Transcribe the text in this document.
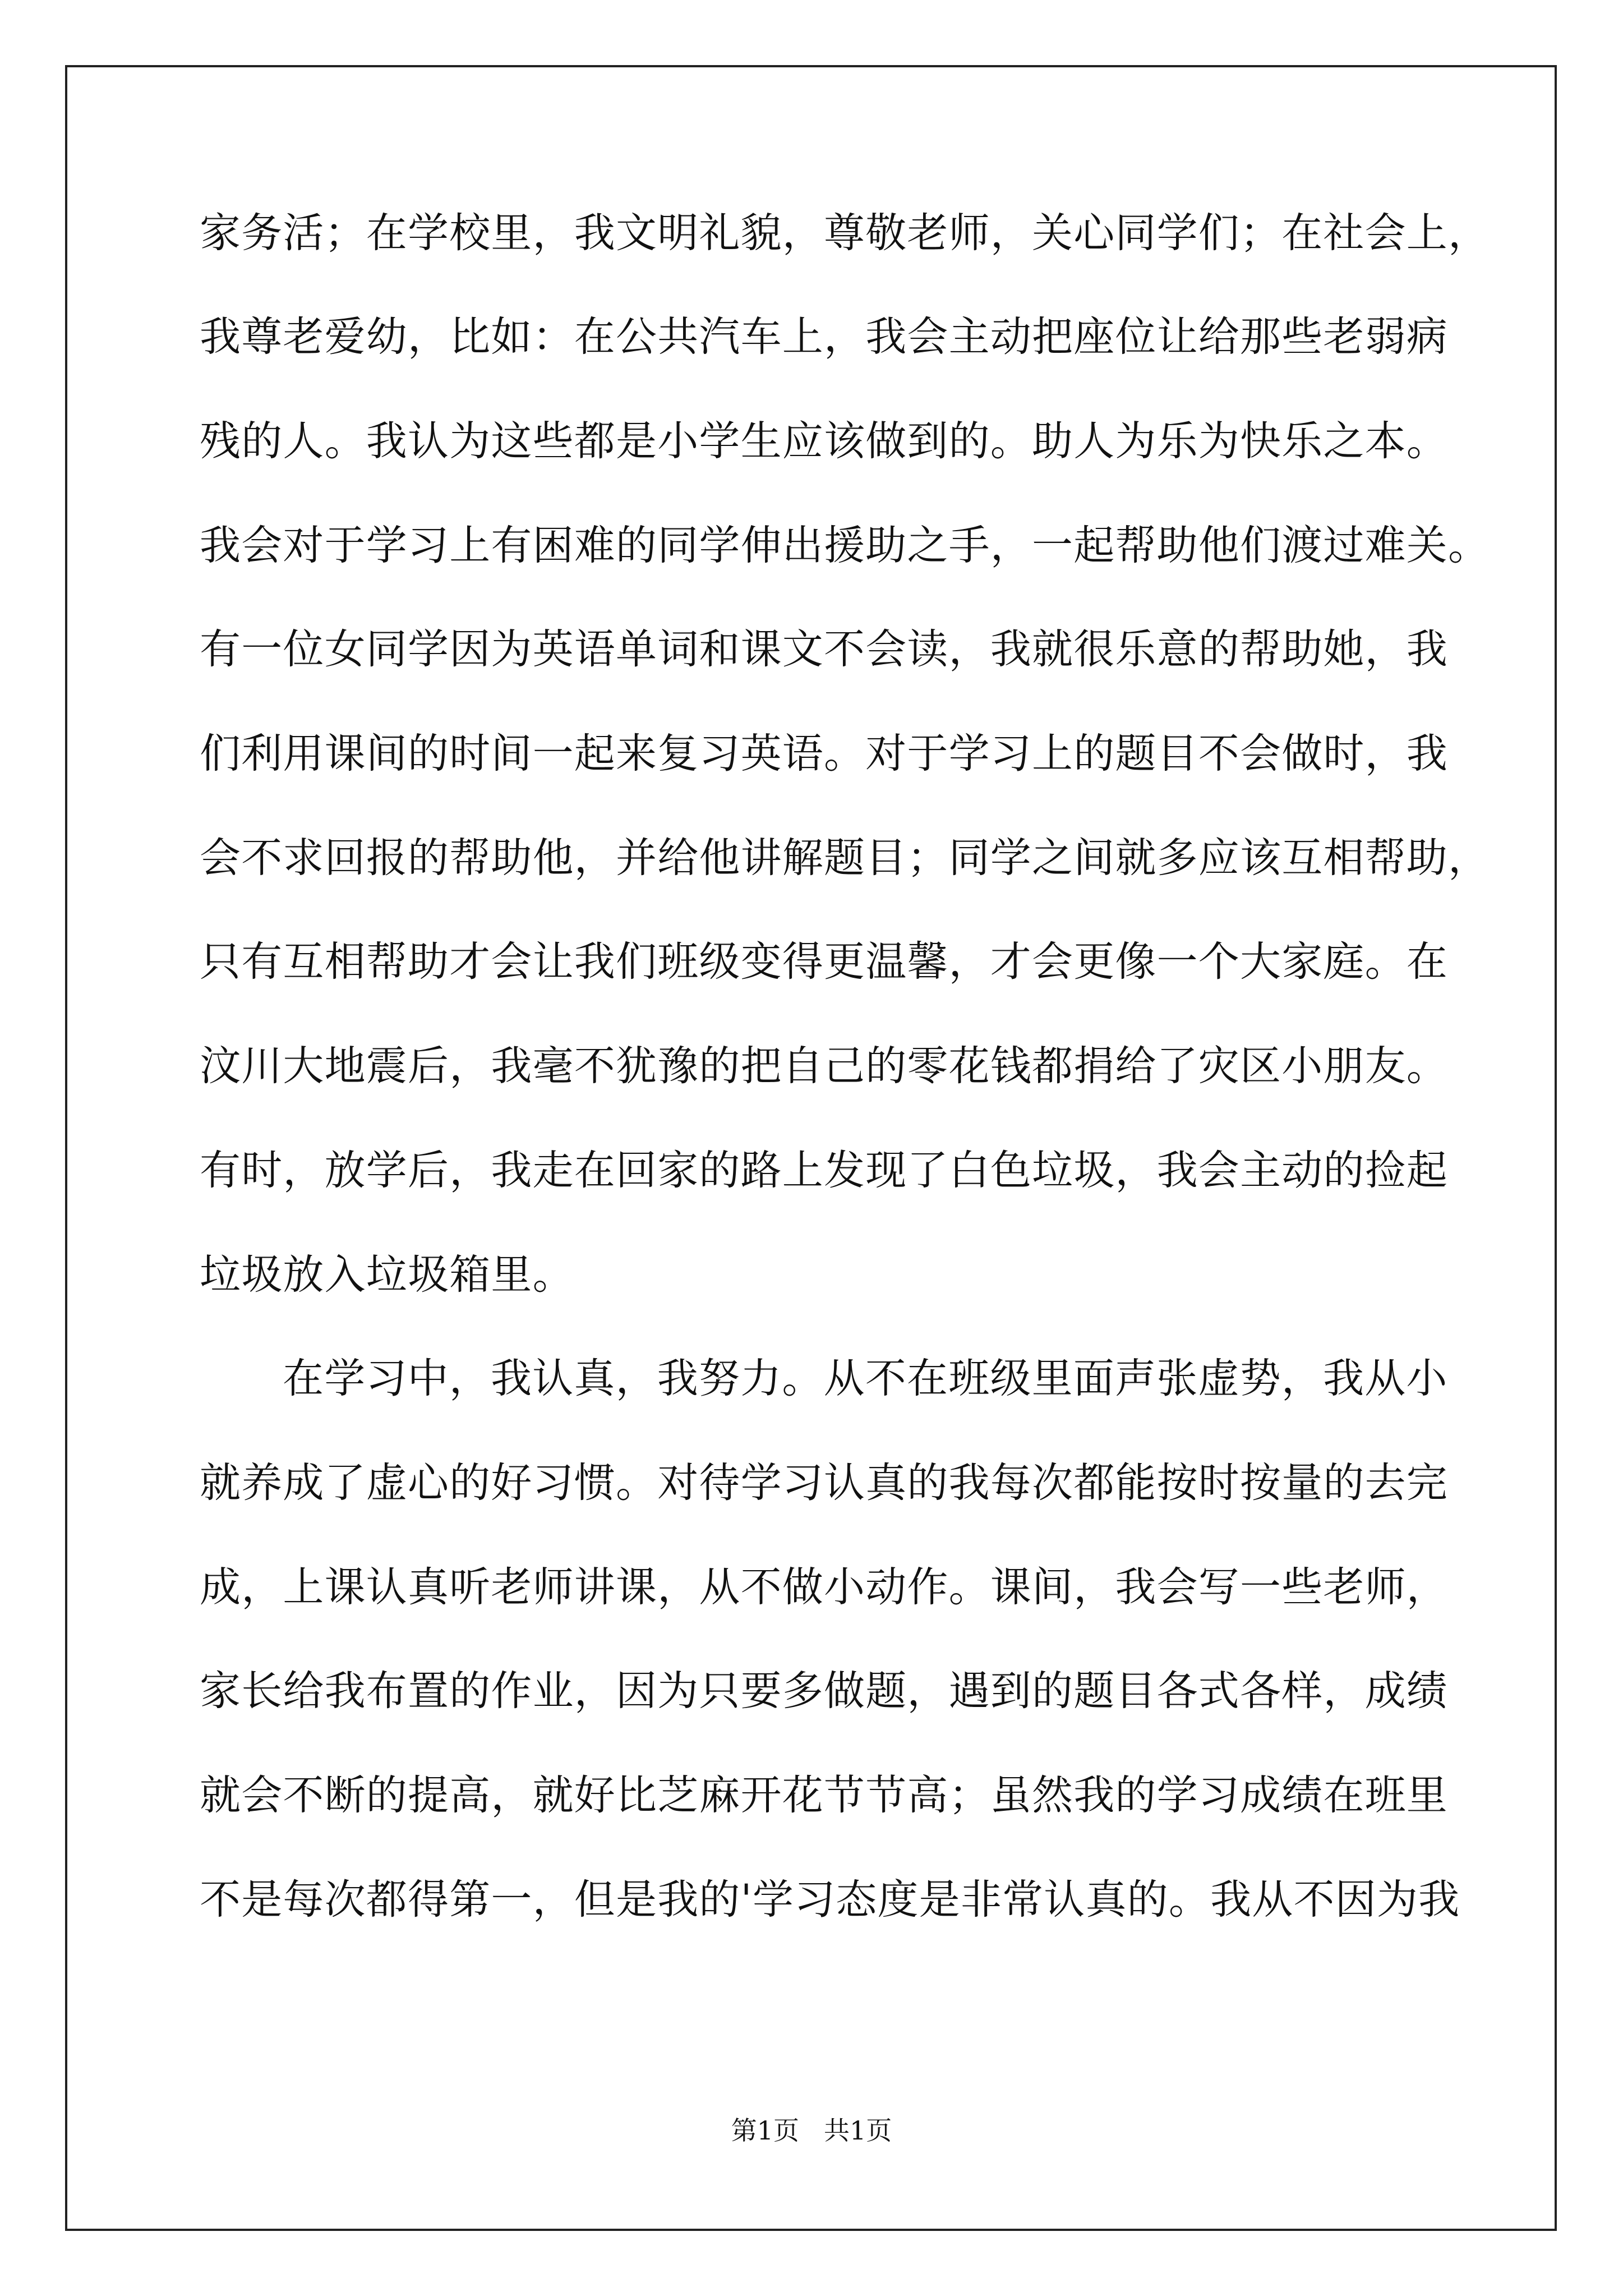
家务活；在学校里，我文明礼貌，尊敬老师，关心同学们；在社会上，
我尊老爱幼，比如：在公共汽车上，我会主动把座位让给那些老弱病
残的人。我认为这些都是小学生应该做到的。助人为乐为快乐之本。
我会对于学习上有困难的同学伸出援助之手，一起帮助他们渡过难关。
有一位女同学因为英语单词和课文不会读，我就很乐意的帮助她，我
们利用课间的时间一起来复习英语。对于学习上的题目不会做时，我
会不求回报的帮助他，并给他讲解题目；同学之间就多应该互相帮助，
只有互相帮助才会让我们班级变得更温馨，才会更像一个大家庭。在
汶川大地震后，我毫不犹豫的把自己的零花钱都捐给了灾区小朋友。
有时，放学后，我走在回家的路上发现了白色垃圾，我会主动的捡起
垃圾放入垃圾箱里。
在学习中，我认真，我努力。从不在班级里面声张虚势，我从小
就养成了虚心的好习惯。对待学习认真的我每次都能按时按量的去完
成，上课认真听老师讲课，从不做小动作。课间，我会写一些老师，
家长给我布置的作业，因为只要多做题，遇到的题目各式各样，成绩
就会不断的提高，就好比芝麻开花节节高；虽然我的学习成绩在班里
不是每次都得第一，但是我的'学习态度是非常认真的。我从不因为我
第1页 共1页
